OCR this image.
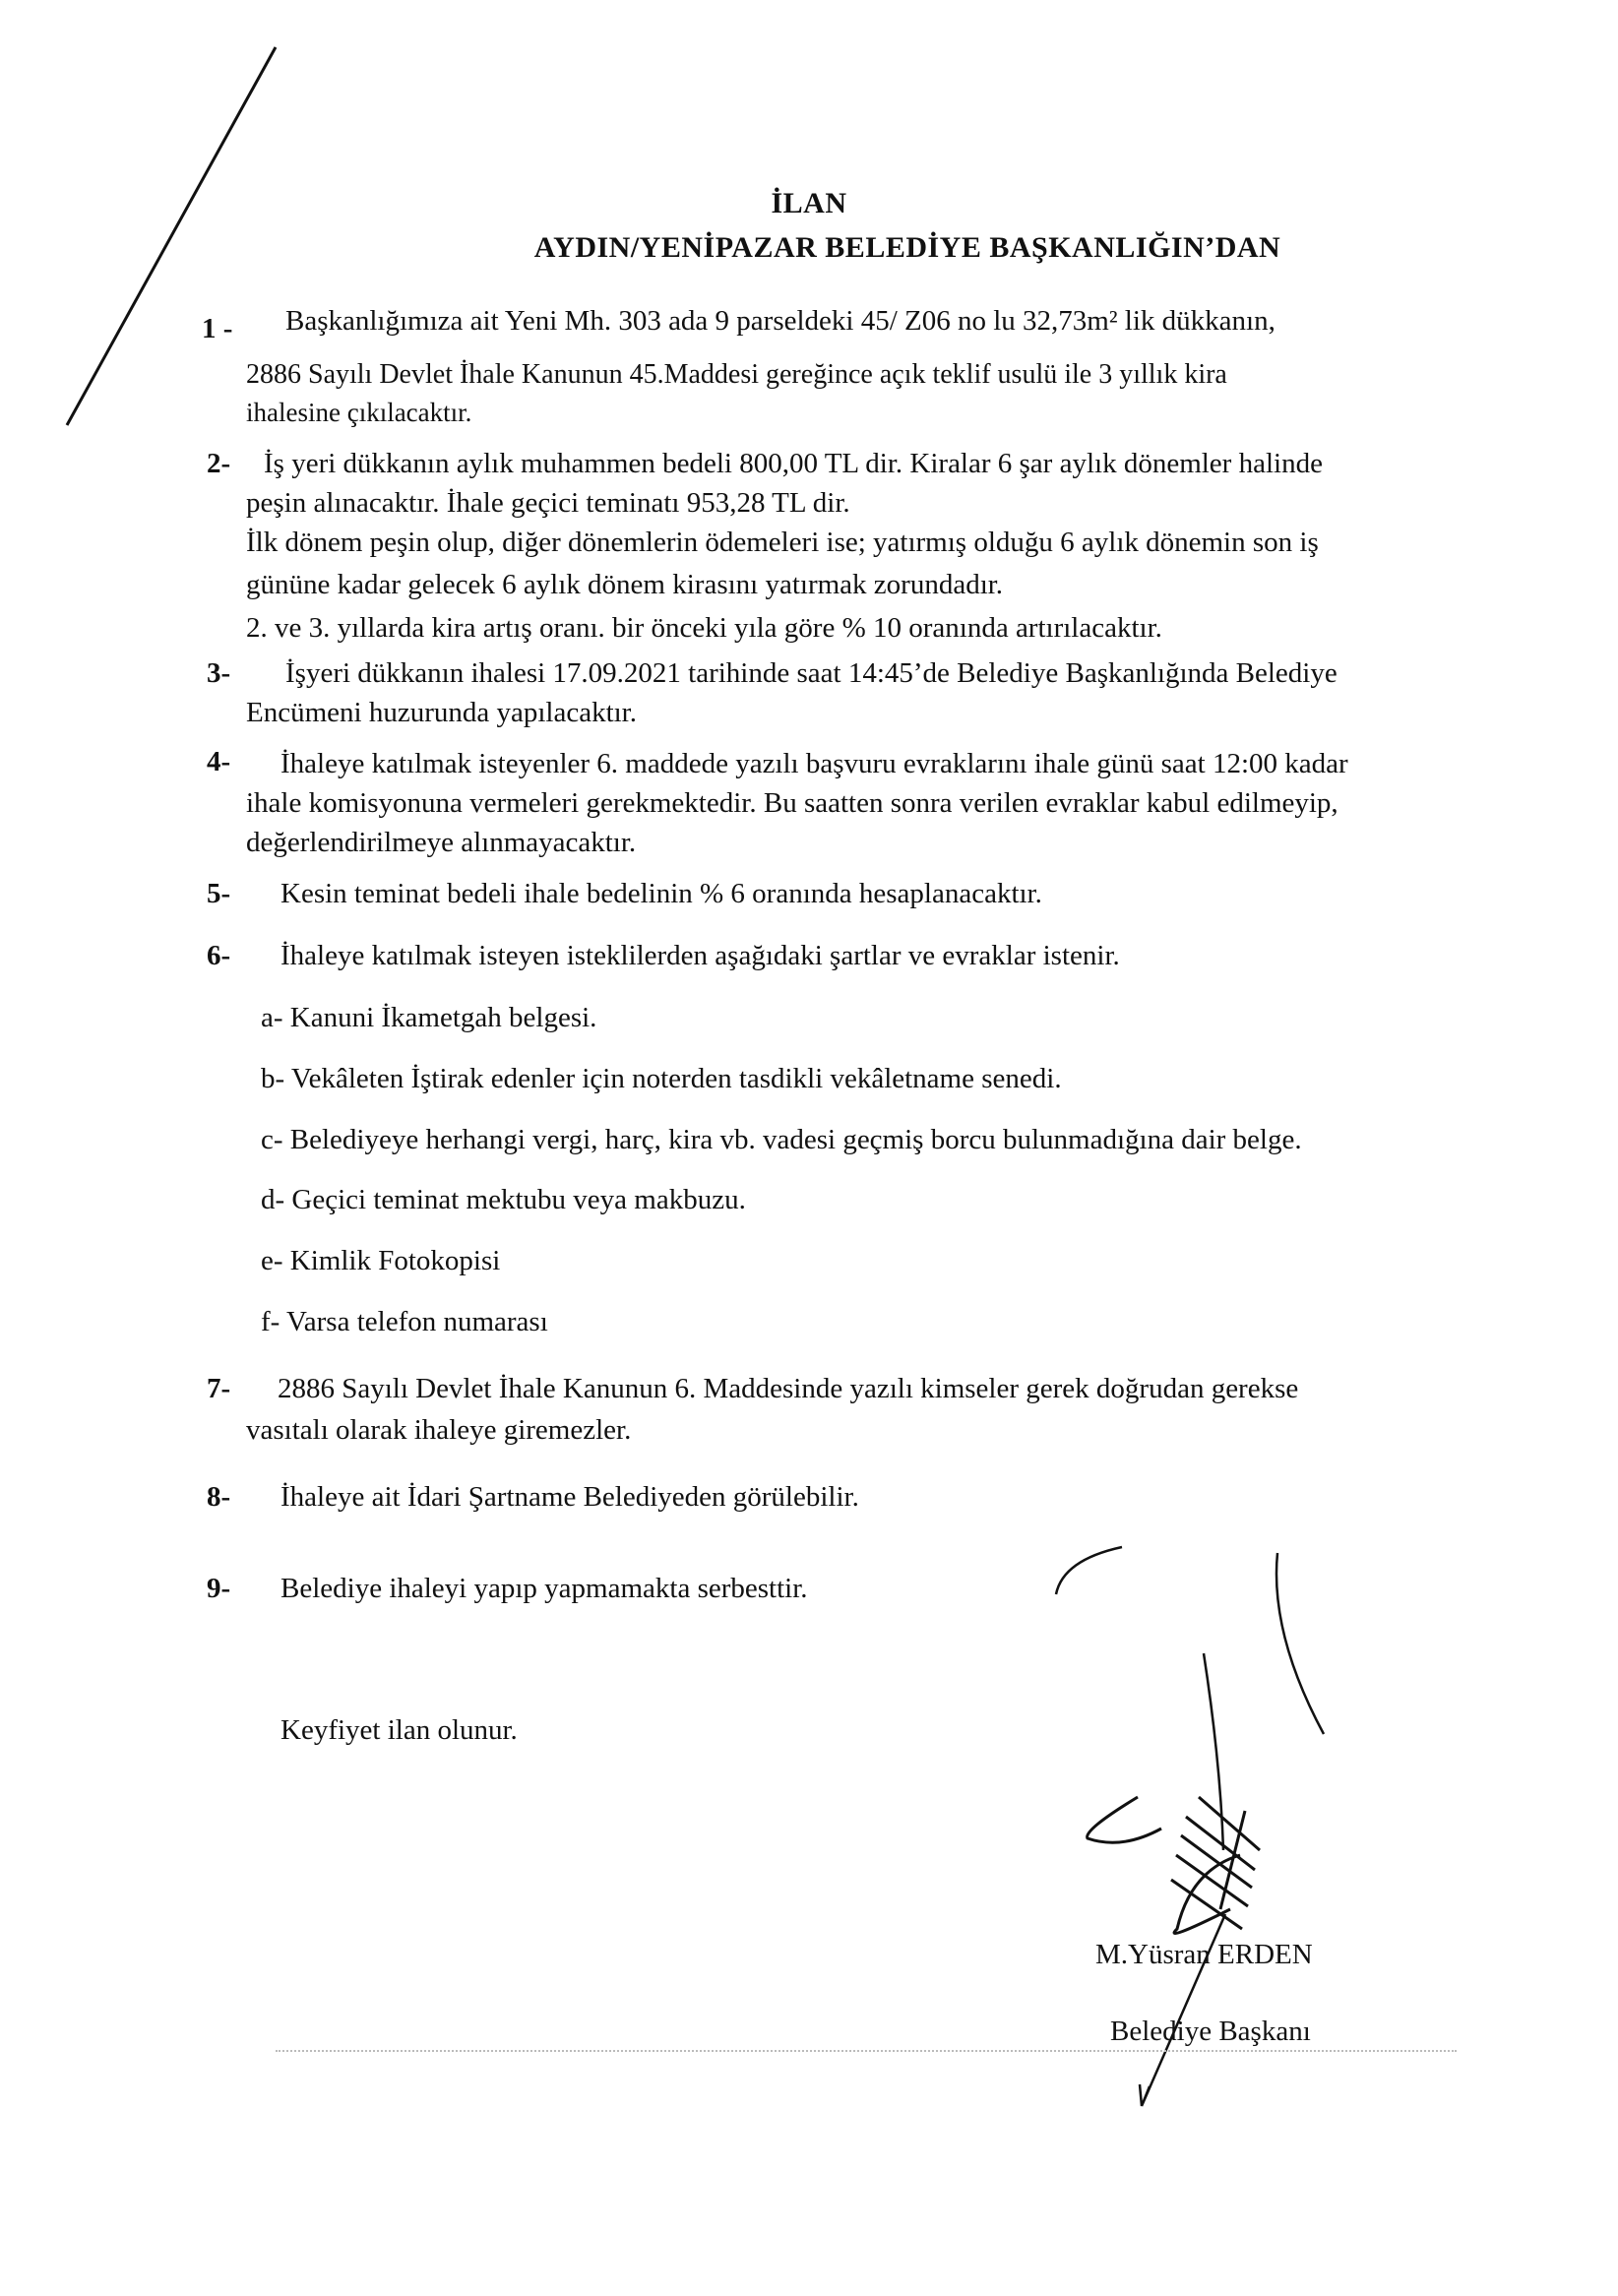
İLAN
AYDIN/YENİPAZAR BELEDİYE BAŞKANLIĞIN’DAN
1 - Başkanlığımıza ait Yeni Mh. 303 ada 9 parseldeki 45/ Z06 no lu 32,73m² lik dükkanın,
2886 Sayılı Devlet İhale Kanunun 45.Maddesi gereğince açık teklif usulü ile 3 yıllık kira
ihalesine çıkılacaktır.
2- İş yeri dükkanın aylık muhammen bedeli 800,00 TL dir. Kiralar 6 şar aylık dönemler halinde
peşin alınacaktır. İhale geçici teminatı 953,28 TL dir.
İlk dönem peşin olup, diğer dönemlerin ödemeleri ise; yatırmış olduğu 6 aylık dönemin son iş
gününe kadar gelecek 6 aylık dönem kirasını yatırmak zorundadır.
2. ve 3. yıllarda kira artış oranı. bir önceki yıla göre % 10 oranında artırılacaktır.
3- İşyeri dükkanın ihalesi 17.09.2021 tarihinde saat 14:45’de Belediye Başkanlığında Belediye
Encümeni huzurunda yapılacaktır.
4- İhaleye katılmak isteyenler 6. maddede yazılı başvuru evraklarını ihale günü saat 12:00 kadar
ihale komisyonuna vermeleri gerekmektedir. Bu saatten sonra verilen evraklar kabul edilmeyip,
değerlendirilmeye alınmayacaktır.
5- Kesin teminat bedeli ihale bedelinin % 6 oranında hesaplanacaktır.
6- İhaleye katılmak isteyen isteklilerden aşağıdaki şartlar ve evraklar istenir.
a- Kanuni İkametgah belgesi.
b- Vekâleten İştirak edenler için noterden tasdikli vekâletname senedi.
c- Belediyeye herhangi vergi, harç, kira vb. vadesi geçmiş borcu bulunmadığına dair belge.
d- Geçici teminat mektubu veya makbuzu.
e- Kimlik Fotokopisi
f- Varsa telefon numarası
7- 2886 Sayılı Devlet İhale Kanunun 6. Maddesinde yazılı kimseler gerek doğrudan gerekse
vasıtalı olarak ihaleye giremezler.
8- İhaleye ait İdari Şartname Belediyeden görülebilir.
9- Belediye ihaleyi yapıp yapmamakta serbesttir.
Keyfiyet ilan olunur.
M.Yüsran ERDEN
Belediye Başkanı
